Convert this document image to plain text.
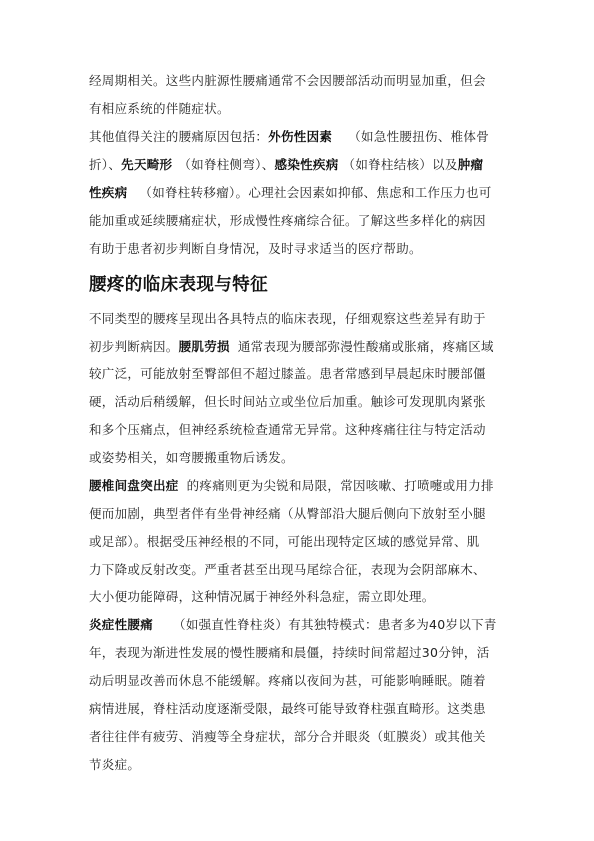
经周期相关。这些内脏源性腰痛通常不会因腰部活动而明显加重，但会
有相应系统的伴随症状。
其他值得关注的腰痛原因包括：外伤性因素 （如急性腰扭伤、椎体骨
折）、先天畸形 （如脊柱侧弯）、感染性疾病 （如脊柱结核）以及肿瘤
性疾病 （如脊柱转移瘤）。心理社会因素如抑郁、焦虑和工作压力也可
能加重或延续腰痛症状，形成慢性疼痛综合征。了解这些多样化的病因
有助于患者初步判断自身情况，及时寻求适当的医疗帮助。
腰疼的临床表现与特征
不同类型的腰疼呈现出各具特点的临床表现，仔细观察这些差异有助于
初步判断病因。腰肌劳损 通常表现为腰部弥漫性酸痛或胀痛，疼痛区域
较广泛，可能放射至臀部但不超过膝盖。患者常感到早晨起床时腰部僵
硬，活动后稍缓解，但长时间站立或坐位后加重。触诊可发现肌肉紧张
和多个压痛点，但神经系统检查通常无异常。这种疼痛往往与特定活动
或姿势相关，如弯腰搬重物后诱发。
腰椎间盘突出症 的疼痛则更为尖锐和局限，常因咳嗽、打喷嚏或用力排
便而加剧，典型者伴有坐骨神经痛（从臀部沿大腿后侧向下放射至小腿
或足部）。根据受压神经根的不同，可能出现特定区域的感觉异常、肌
力下降或反射改变。严重者甚至出现马尾综合征，表现为会阴部麻木、
大小便功能障碍，这种情况属于神经外科急症，需立即处理。
炎症性腰痛 （如强直性脊柱炎）有其独特模式：患者多为40岁以下青
年，表现为渐进性发展的慢性腰痛和晨僵，持续时间常超过30分钟，活
动后明显改善而休息不能缓解。疼痛以夜间为甚，可能影响睡眠。随着
病情进展，脊柱活动度逐渐受限，最终可能导致脊柱强直畸形。这类患
者往往伴有疲劳、消瘦等全身症状，部分合并眼炎（虹膜炎）或其他关
节炎症。
